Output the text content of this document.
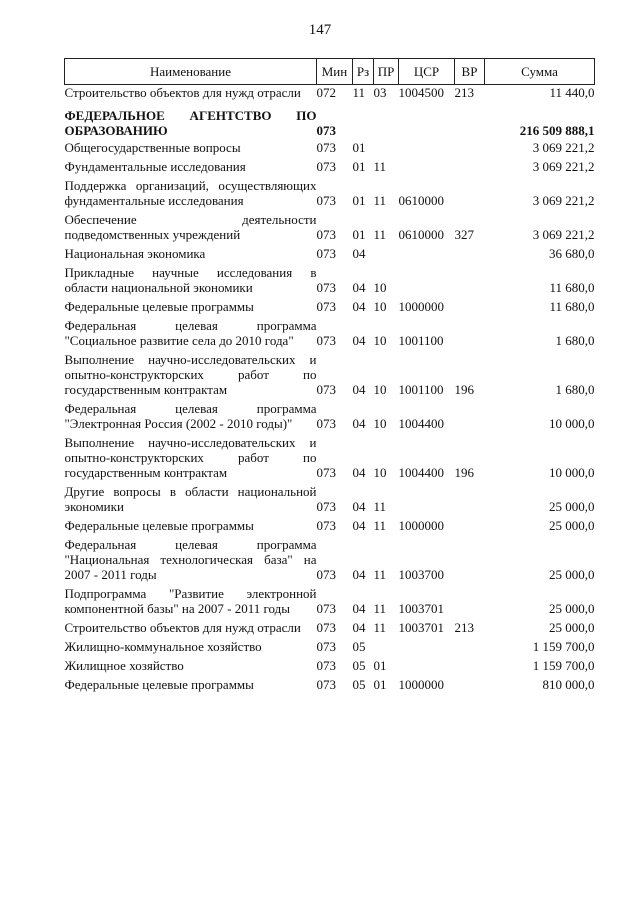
147
Наименование	Мин	Рз	ПР	ЦСР	ВР	Сумма
Строительство объектов для нужд отрасли	072	11	03	1004500	213	11 440,0
ФЕДЕРАЛЬНОЕ АГЕНТСТВО ПО ОБРАЗОВАНИЮ	073					216 509 888,1
Общегосударственные вопросы	073	01				3 069 221,2
Фундаментальные исследования	073	01	11			3 069 221,2
Поддержка организаций, осуществляющих фундаментальные исследования	073	01	11	0610000		3 069 221,2
Обеспечение деятельности подведомственных учреждений	073	01	11	0610000	327	3 069 221,2
Национальная экономика	073	04				36 680,0
Прикладные научные исследования в области национальной экономики	073	04	10			11 680,0
Федеральные целевые программы	073	04	10	1000000		11 680,0
Федеральная целевая программа "Социальное развитие села до 2010 года"	073	04	10	1001100		1 680,0
Выполнение научно-исследовательских и опытно-конструкторских работ по государственным контрактам	073	04	10	1001100	196	1 680,0
Федеральная целевая программа "Электронная Россия (2002 - 2010 годы)"	073	04	10	1004400		10 000,0
Выполнение научно-исследовательских и опытно-конструкторских работ по государственным контрактам	073	04	10	1004400	196	10 000,0
Другие вопросы в области национальной экономики	073	04	11			25 000,0
Федеральные целевые программы	073	04	11	1000000		25 000,0
Федеральная целевая программа "Национальная технологическая база" на 2007 - 2011 годы	073	04	11	1003700		25 000,0
Подпрограмма "Развитие электронной компонентной базы" на 2007 - 2011 годы	073	04	11	1003701		25 000,0
Строительство объектов для нужд отрасли	073	04	11	1003701	213	25 000,0
Жилищно-коммунальное хозяйство	073	05				1 159 700,0
Жилищное хозяйство	073	05	01			1 159 700,0
Федеральные целевые программы	073	05	01	1000000		810 000,0
